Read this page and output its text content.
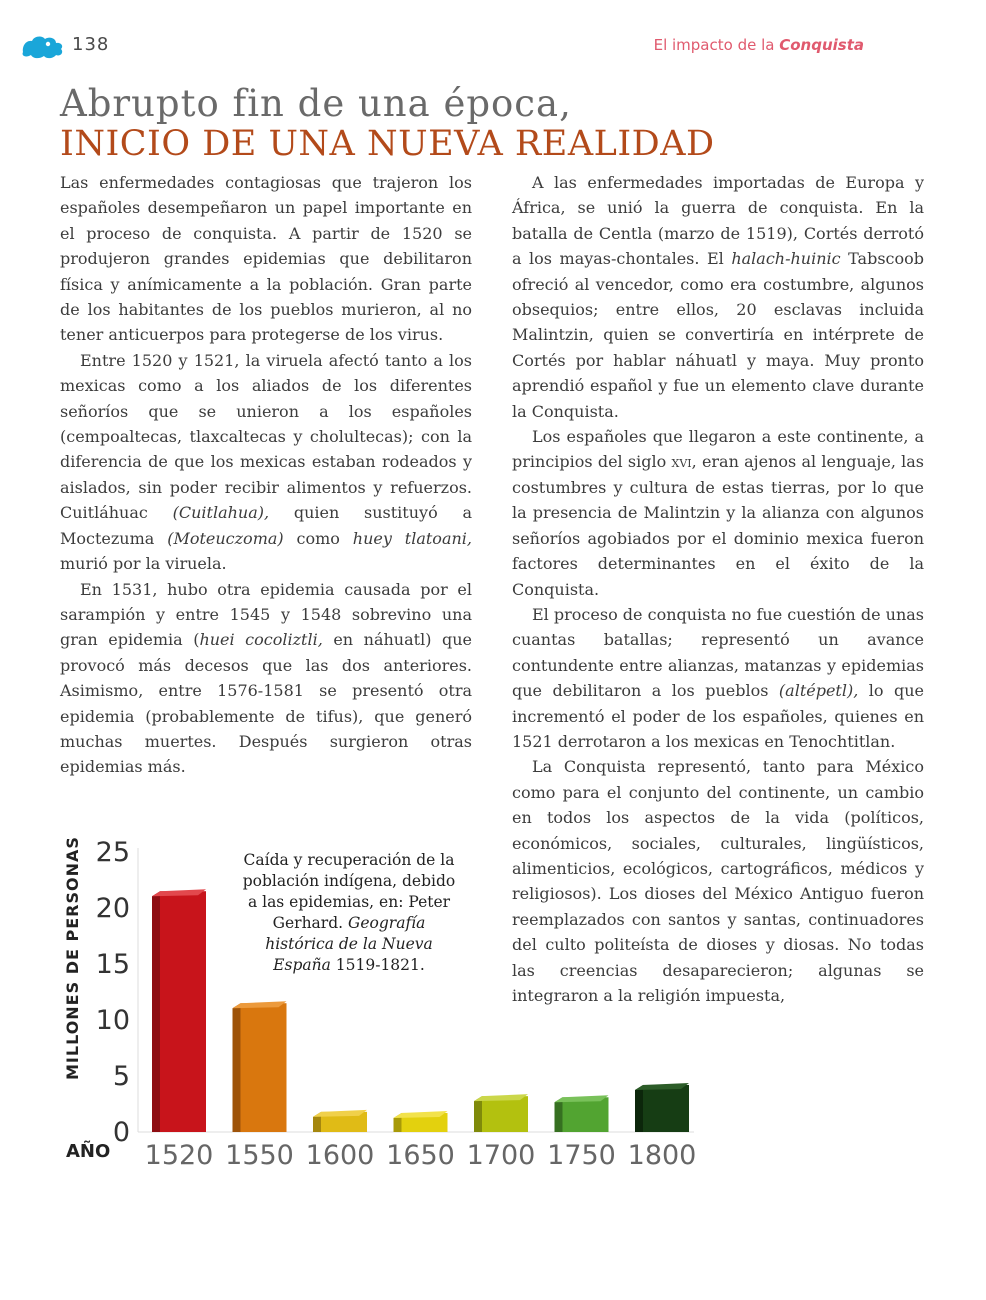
138	El impacto de la Conquista
Abrupto fin de una época,
INICIO DE UNA NUEVA REALIDAD

Las enfermedades contagiosas que trajeron los españoles desempeñaron un papel importante en el proceso de conquista. A partir de 1520 se produjeron grandes epidemias que debilitaron física y anímicamente a la población. Gran parte de los habitantes de los pueblos murieron, al no tener anticuerpos para protegerse de los virus.

Entre 1520 y 1521, la viruela afectó tanto a los mexicas como a los aliados de los diferentes señoríos que se unieron a los españoles (cempoaltecas, tlaxcaltecas y cholultecas); con la diferencia de que los mexicas estaban rodeados y aislados, sin poder recibir alimentos y refuerzos. Cuitláhuac (Cuitlahua), quien sustituyó a Moctezuma (Moteuczoma) como huey tlatoani, murió por la viruela.

En 1531, hubo otra epidemia causada por el sarampión y entre 1545 y 1548 sobrevino una gran epidemia (huei cocoliztli, en náhuatl) que provocó más decesos que las dos anteriores. Asimismo, entre 1576-1581 se presentó otra epidemia (probablemente de tifus), que generó muchas muertes. Después surgieron otras epidemias más.

A las enfermedades importadas de Europa y África, se unió la guerra de conquista. En la batalla de Centla (marzo de 1519), Cortés derrotó a los mayas-chontales. El halach-huinic Tabscoob ofreció al vencedor, como era costumbre, algunos obsequios; entre ellos, 20 esclavas incluida Malintzin, quien se convertiría en intérprete de Cortés por hablar náhuatl y maya. Muy pronto aprendió español y fue un elemento clave durante la Conquista.

Los españoles que llegaron a este continente, a principios del siglo xvi, eran ajenos al lenguaje, las costumbres y cultura de estas tierras, por lo que la presencia de Malintzin y la alianza con algunos señoríos agobiados por el dominio mexica fueron factores determinantes en el éxito de la Conquista.

El proceso de conquista no fue cuestión de unas cuantas batallas; representó un avance contundente entre alianzas, matanzas y epidemias que debilitaron a los pueblos (altépetl), lo que incrementó el poder de los españoles, quienes en 1521 derrotaron a los mexicas en Tenochtitlan.

La Conquista representó, tanto para México como para el conjunto del continente, un cambio en todos los aspectos de la vida (políticos, económicos, sociales, culturales, lingüísticos, alimenticios, ecológicos, cartográficos, médicos y religiosos). Los dioses del México Antiguo fueron reemplazados con santos y santas, continuadores del culto politeísta de dioses y diosas. No todas las creencias desaparecieron; algunas se integraron a la religión impuesta,

MILLONES DE PERSONAS
AÑO
0
5
10
15
20
25
1520 1550 1600 1650 1700 1750 1800
Caída y recuperación de la población indígena, debido a las epidemias, en: Peter Gerhard. Geografía histórica de la Nueva España 1519-1821.
